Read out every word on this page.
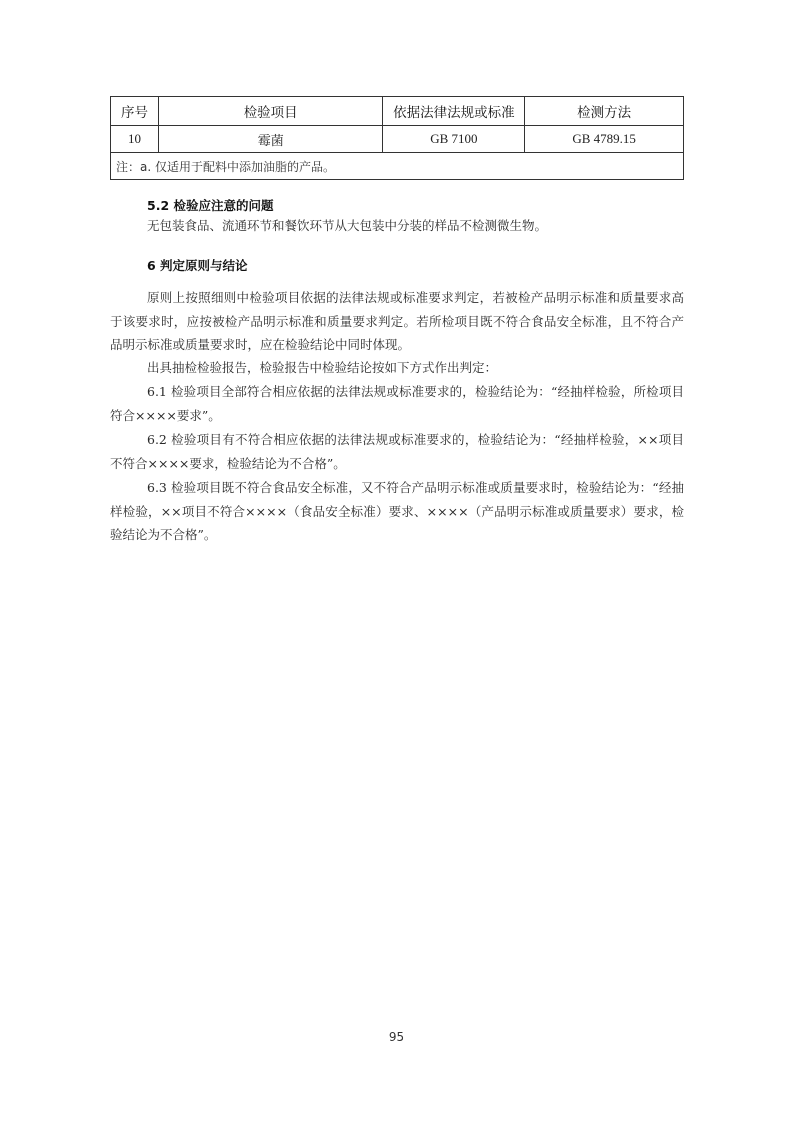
序号	检验项目	依据法律法规或标准	检测方法
10	霉菌	GB 7100	GB 4789.15
注：a. 仅适用于配料中添加油脂的产品。			
5.2 检验应注意的问题

无包装食品、流通环节和餐饮环节从大包装中分装的样品不检测微生物。

6 判定原则与结论

原则上按照细则中检验项目依据的法律法规或标准要求判定，若被检产品明示标准和质量要求高于该要求时，应按被检产品明示标准和质量要求判定。若所检项目既不符合食品安全标准，且不符合产品明示标准或质量要求时，应在检验结论中同时体现。

出具抽检检验报告，检验报告中检验结论按如下方式作出判定：

6.1 检验项目全部符合相应依据的法律法规或标准要求的，检验结论为：“经抽样检验，所检项目符合××××要求”。

6.2 检验项目有不符合相应依据的法律法规或标准要求的，检验结论为：“经抽样检验，××项目不符合××××要求，检验结论为不合格”。

6.3 检验项目既不符合食品安全标准，又不符合产品明示标准或质量要求时，检验结论为：“经抽样检验，××项目不符合××××（食品安全标准）要求、××××（产品明示标准或质量要求）要求，检验结论为不合格”。

95
